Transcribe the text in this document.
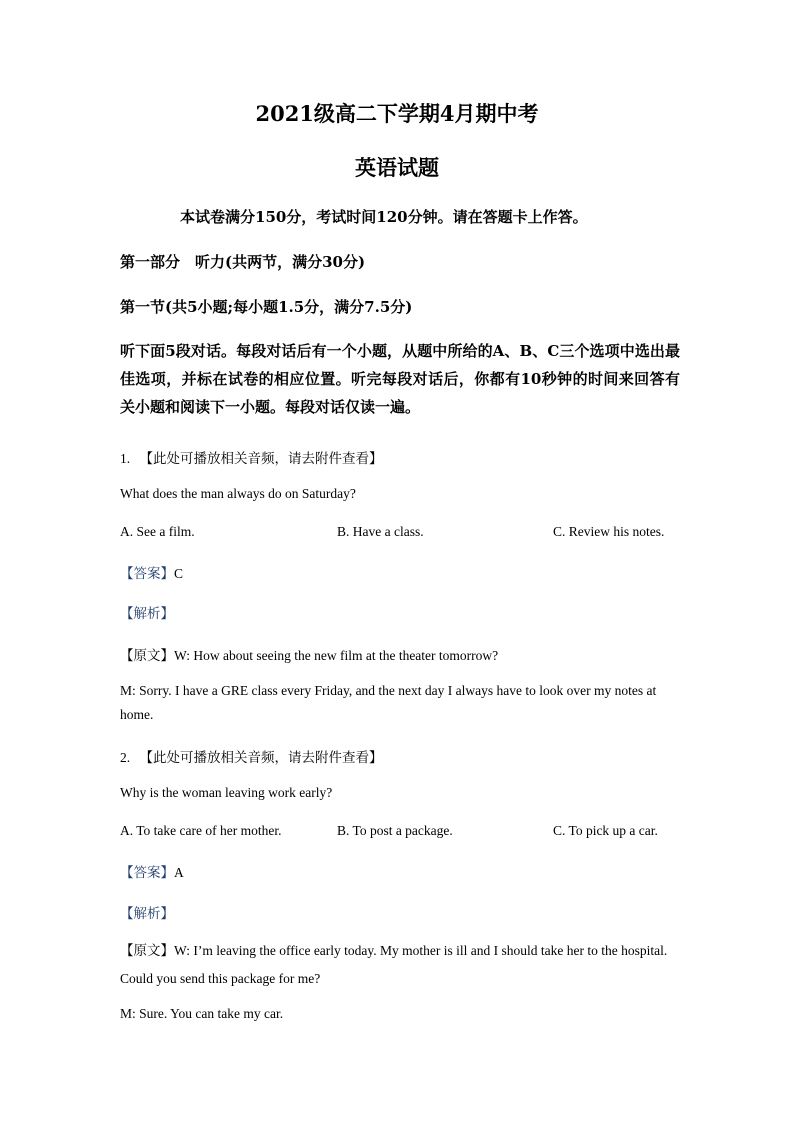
2021级高二下学期4月期中考
英语试题
本试卷满分150分，考试时间120分钟。请在答题卡上作答。
第一部分　听力(共两节，满分30分)
第一节(共5小题;每小题1.5分，满分7.5分)
听下面5段对话。每段对话后有一个小题，从题中所给的A、B、C三个选项中选出最佳选项，并标在试卷的相应位置。听完每段对话后，你都有10秒钟的时间来回答有关小题和阅读下一小题。每段对话仅读一遍。
1. 【此处可播放相关音频，请去附件查看】
What does the man always do on Saturday?
A. See a film.	B. Have a class.	C. Review his notes.
【答案】C
【解析】
【原文】W: How about seeing the new film at the theater tomorrow?
M: Sorry. I have a GRE class every Friday, and the next day I always have to look over my notes at home.
2. 【此处可播放相关音频，请去附件查看】
Why is the woman leaving work early?
A. To take care of her mother.	B. To post a package.	C. To pick up a car.
【答案】A
【解析】
【原文】W: I’m leaving the office early today. My mother is ill and I should take her to the hospital. Could you send this package for me?
M: Sure. You can take my car.
